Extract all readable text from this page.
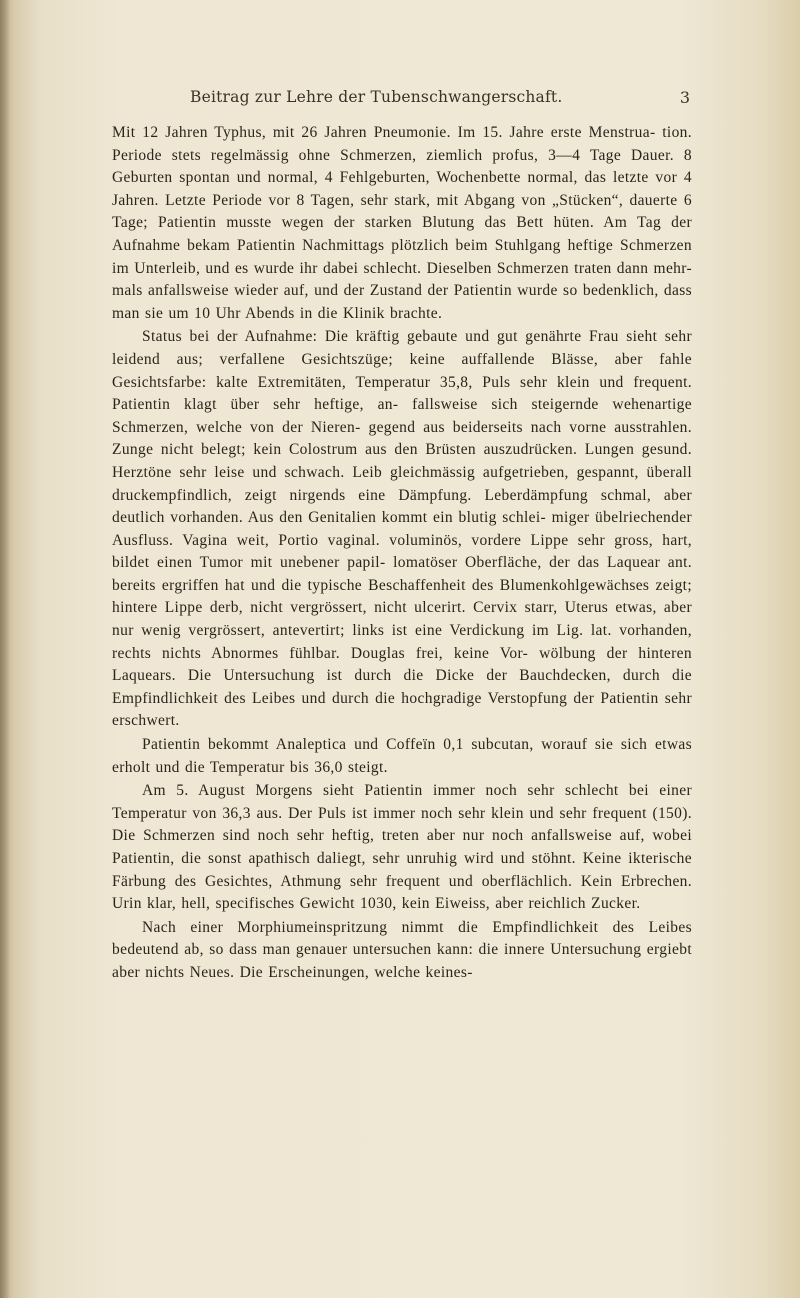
Beitrag zur Lehre der Tubenschwangerschaft.	3

Mit 12 Jahren Typhus, mit 26 Jahren Pneumonie. Im 15. Jahre erste Menstrua- tion. Periode stets regelmässig ohne Schmerzen, ziemlich profus, 3—4 Tage Dauer. 8 Geburten spontan und normal, 4 Fehlgeburten, Wochenbette normal, das letzte vor 4 Jahren. Letzte Periode vor 8 Tagen, sehr stark, mit Abgang von „Stücken“, dauerte 6 Tage; Patientin musste wegen der starken Blutung das Bett hüten. Am Tag der Aufnahme bekam Patientin Nachmittags plötzlich beim Stuhlgang heftige Schmerzen im Unterleib, und es wurde ihr dabei schlecht. Dieselben Schmerzen traten dann mehr- mals anfallsweise wieder auf, und der Zustand der Patientin wurde so bedenklich, dass man sie um 10 Uhr Abends in die Klinik brachte.

Status bei der Aufnahme: Die kräftig gebaute und gut genährte Frau sieht sehr leidend aus; verfallene Gesichtszüge; keine auffallende Blässe, aber fahle Gesichtsfarbe: kalte Extremitäten, Temperatur 35,8, Puls sehr klein und frequent. Patientin klagt über sehr heftige, an- fallsweise sich steigernde wehenartige Schmerzen, welche von der Nieren- gegend aus beiderseits nach vorne ausstrahlen. Zunge nicht belegt; kein Colostrum aus den Brüsten auszudrücken. Lungen gesund. Herztöne sehr leise und schwach. Leib gleichmässig aufgetrieben, gespannt, überall druckempfindlich, zeigt nirgends eine Dämpfung. Leberdämpfung schmal, aber deutlich vorhanden. Aus den Genitalien kommt ein blutig schlei- miger übelriechender Ausfluss. Vagina weit, Portio vaginal. voluminös, vordere Lippe sehr gross, hart, bildet einen Tumor mit unebener papil- lomatöser Oberfläche, der das Laquear ant. bereits ergriffen hat und die typische Beschaffenheit des Blumenkohlgewächses zeigt; hintere Lippe derb, nicht vergrössert, nicht ulcerirt. Cervix starr, Uterus etwas, aber nur wenig vergrössert, antevertirt; links ist eine Verdickung im Lig. lat. vorhanden, rechts nichts Abnormes fühlbar. Douglas frei, keine Vor- wölbung der hinteren Laquears. Die Untersuchung ist durch die Dicke der Bauchdecken, durch die Empfindlichkeit des Leibes und durch die hochgradige Verstopfung der Patientin sehr erschwert.

Patientin bekommt Analeptica und Coffeïn 0,1 subcutan, worauf sie sich etwas erholt und die Temperatur bis 36,0 steigt.

Am 5. August Morgens sieht Patientin immer noch sehr schlecht bei einer Temperatur von 36,3 aus. Der Puls ist immer noch sehr klein und sehr frequent (150). Die Schmerzen sind noch sehr heftig, treten aber nur noch anfallsweise auf, wobei Patientin, die sonst apathisch daliegt, sehr unruhig wird und stöhnt. Keine ikterische Färbung des Gesichtes, Athmung sehr frequent und oberflächlich. Kein Erbrechen. Urin klar, hell, specifisches Gewicht 1030, kein Eiweiss, aber reichlich Zucker.

Nach einer Morphiumeinspritzung nimmt die Empfindlichkeit des Leibes bedeutend ab, so dass man genauer untersuchen kann: die innere Untersuchung ergiebt aber nichts Neues. Die Erscheinungen, welche keines-
